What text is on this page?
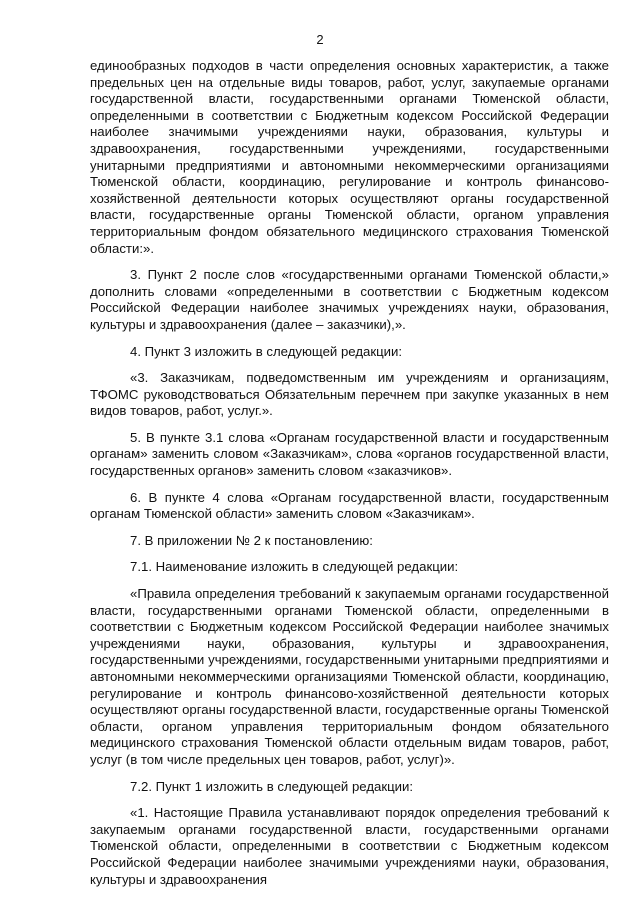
2

единообразных подходов в части определения основных характеристик, а также предельных цен на отдельные виды товаров, работ, услуг, закупаемые органами государственной власти, государственными органами Тюменской области, определенными в соответствии с Бюджетным кодексом Российской Федерации наиболее значимыми учреждениями науки, образования, культуры и здравоохранения, государственными учреждениями, государственными унитарными предприятиями и автономными некоммерческими организациями Тюменской области, координацию, регулирование и контроль финансово-хозяйственной деятельности которых осуществляют органы государственной власти, государственные органы Тюменской области, органом управления территориальным фондом обязательного медицинского страхования Тюменской области:».

3. Пункт 2 после слов «государственными органами Тюменской области,» дополнить словами «определенными в соответствии с Бюджетным кодексом Российской Федерации наиболее значимых учреждениях науки, образования, культуры и здравоохранения (далее – заказчики),».

4. Пункт 3 изложить в следующей редакции:

«3. Заказчикам, подведомственным им учреждениям и организациям, ТФОМС руководствоваться Обязательным перечнем при закупке указанных в нем видов товаров, работ, услуг.».

5. В пункте 3.1 слова «Органам государственной власти и государственным органам» заменить словом «Заказчикам», слова «органов государственной власти, государственных органов» заменить словом «заказчиков».

6. В пункте 4 слова «Органам государственной власти, государственным органам Тюменской области» заменить словом «Заказчикам».

7. В приложении № 2 к постановлению:

7.1. Наименование изложить в следующей редакции:

«Правила определения требований к закупаемым органами государственной власти, государственными органами Тюменской области, определенными в соответствии с Бюджетным кодексом Российской Федерации наиболее значимых учреждениями науки, образования, культуры и здравоохранения, государственными учреждениями, государственными унитарными предприятиями и автономными некоммерческими организациями Тюменской области, координацию, регулирование и контроль финансово-хозяйственной деятельности которых осуществляют органы государственной власти, государственные органы Тюменской области, органом управления территориальным фондом обязательного медицинского страхования Тюменской области отдельным видам товаров, работ, услуг (в том числе предельных цен товаров, работ, услуг)».

7.2. Пункт 1 изложить в следующей редакции:

«1. Настоящие Правила устанавливают порядок определения требований к закупаемым органами государственной власти, государственными органами Тюменской области, определенными в соответствии с Бюджетным кодексом Российской Федерации наиболее значимыми учреждениями науки, образования, культуры и здравоохранения
